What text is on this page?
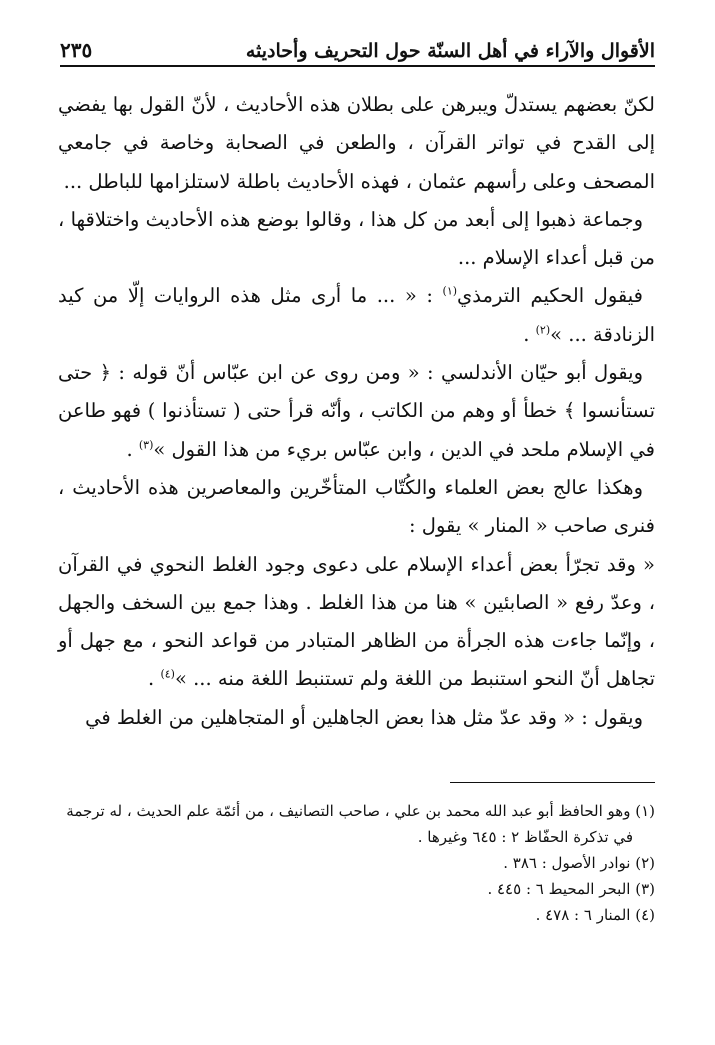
الأقوال والآراء في أهل السنّة حول التحريف وأحاديثه
٢٣٥

لكنّ بعضهم يستدلّ ويبرهن على بطلان هذه الأحاديث ، لأنّ القول بها يفضي إلى القدح في تواتر القرآن ، والطعن في الصحابة وخاصة في جامعي المصحف وعلى رأسهم عثمان ، فهذه الأحاديث باطلة لاستلزامها للباطل ...

وجماعة ذهبوا إلى أبعد من كل هذا ، وقالوا بوضع هذه الأحاديث واختلاقها ، من قبل أعداء الإسلام ...

فيقول الحكيم الترمذي$^{(١)}$ : « ... ما أرى مثل هذه الروايات إلّا من كيد الزنادقة ... »$^{(٢)}$ .

ويقول أبو حيّان الأندلسي : « ومن روى عن ابن عبّاس أنّ قوله : ﴿ حتى تستأنسوا ﴾ خطأ أو وهم من الكاتب ، وأنّه قرأ حتى ( تستأذنوا ) فهو طاعن في الإسلام ملحد في الدين ، وابن عبّاس بريء من هذا القول »$^{(٣)}$ .

وهكذا عالج بعض العلماء والكُتّاب المتأخّرين والمعاصرين هذه الأحاديث ، فنرى صاحب « المنار » يقول :

« وقد تجرّأ بعض أعداء الإسلام على دعوى وجود الغلط النحوي في القرآن ، وعدّ رفع « الصابئين » هنا من هذا الغلط . وهذا جمع بين السخف والجهل ، وإنّما جاءت هذه الجرأة من الظاهر المتبادر من قواعد النحو ، مع جهل أو تجاهل أنّ النحو استنبط من اللغة ولم تستنبط اللغة منه ... »$^{(٤)}$ .

ويقول : « وقد عدّ مثل هذا بعض الجاهلين أو المتجاهلين من الغلط في

(١) وهو الحافظ أبو عبد الله محمد بن علي ، صاحب التصانيف ، من أئمّة علم الحديث ، له ترجمة

في تذكرة الحفّاظ ٢ : ٦٤٥ وغيرها .

(٢) نوادر الأصول : ٣٨٦ .

(٣) البحر المحيط ٦ : ٤٤٥ .

(٤) المنار ٦ : ٤٧٨ .
